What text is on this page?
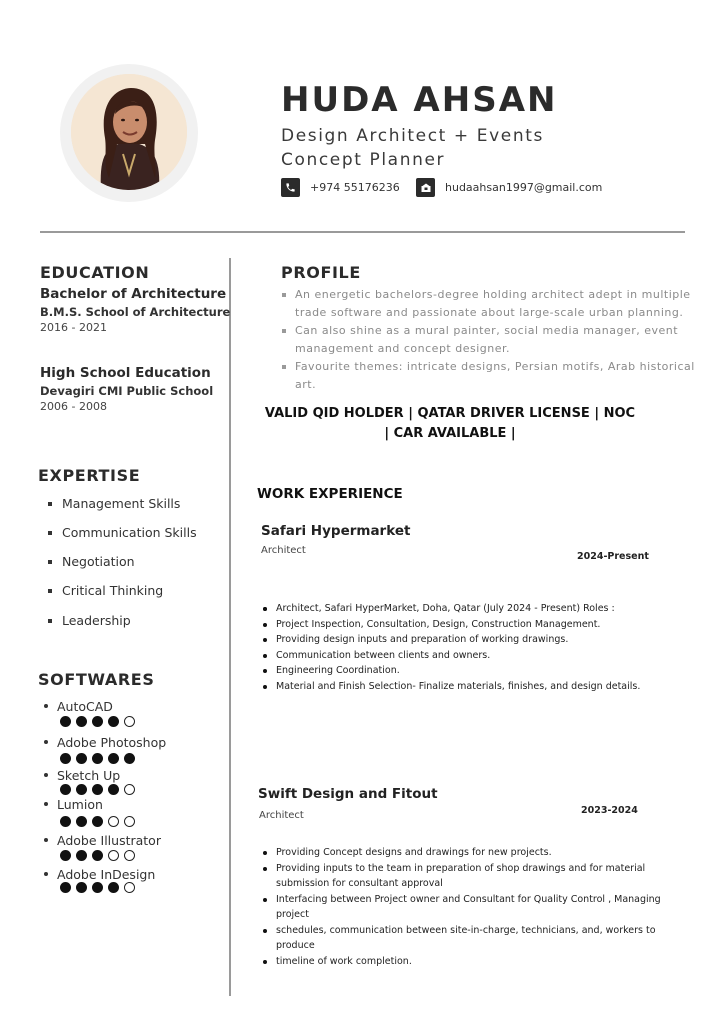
HUDA AHSAN
Design Architect + Events
Concept Planner
+974 55176236	hudaahsan1997@gmail.com
EDUCATION
Bachelor of Architecture
B.M.S. School of Architecture
2016 - 2021
High School Education
Devagiri CMI Public School
2006 - 2008
EXPERTISE
Management Skills
Communication Skills
Negotiation
Critical Thinking
Leadership
SOFTWARES
AutoCAD
Adobe Photoshop
Sketch Up
Lumion
Adobe Illustrator
Adobe InDesign
PROFILE
An energetic bachelors-degree holding architect adept in multiple trade software and passionate about large-scale urban planning.
Can also shine as a mural painter, social media manager, event management and concept designer.
Favourite themes: intricate designs, Persian motifs, Arab historical art.
VALID QID HOLDER | QATAR DRIVER LICENSE | NOC
| CAR AVAILABLE |
WORK EXPERIENCE
Safari Hypermarket
Architect
2024-Present
Architect, Safari HyperMarket, Doha, Qatar (July 2024 - Present) Roles :
Project Inspection, Consultation, Design, Construction Management.
Providing design inputs and preparation of working drawings.
Communication between clients and owners.
Engineering Coordination.
Material and Finish Selection- Finalize materials, finishes, and design details.
Swift Design and Fitout
Architect	2023-2024
Providing Concept designs and drawings for new projects.
Providing inputs to the team in preparation of shop drawings and for material submission for consultant approval
Interfacing between Project owner and Consultant for Quality Control , Managing project
schedules, communication between site-in-charge, technicians, and, workers to produce
timeline of work completion.
